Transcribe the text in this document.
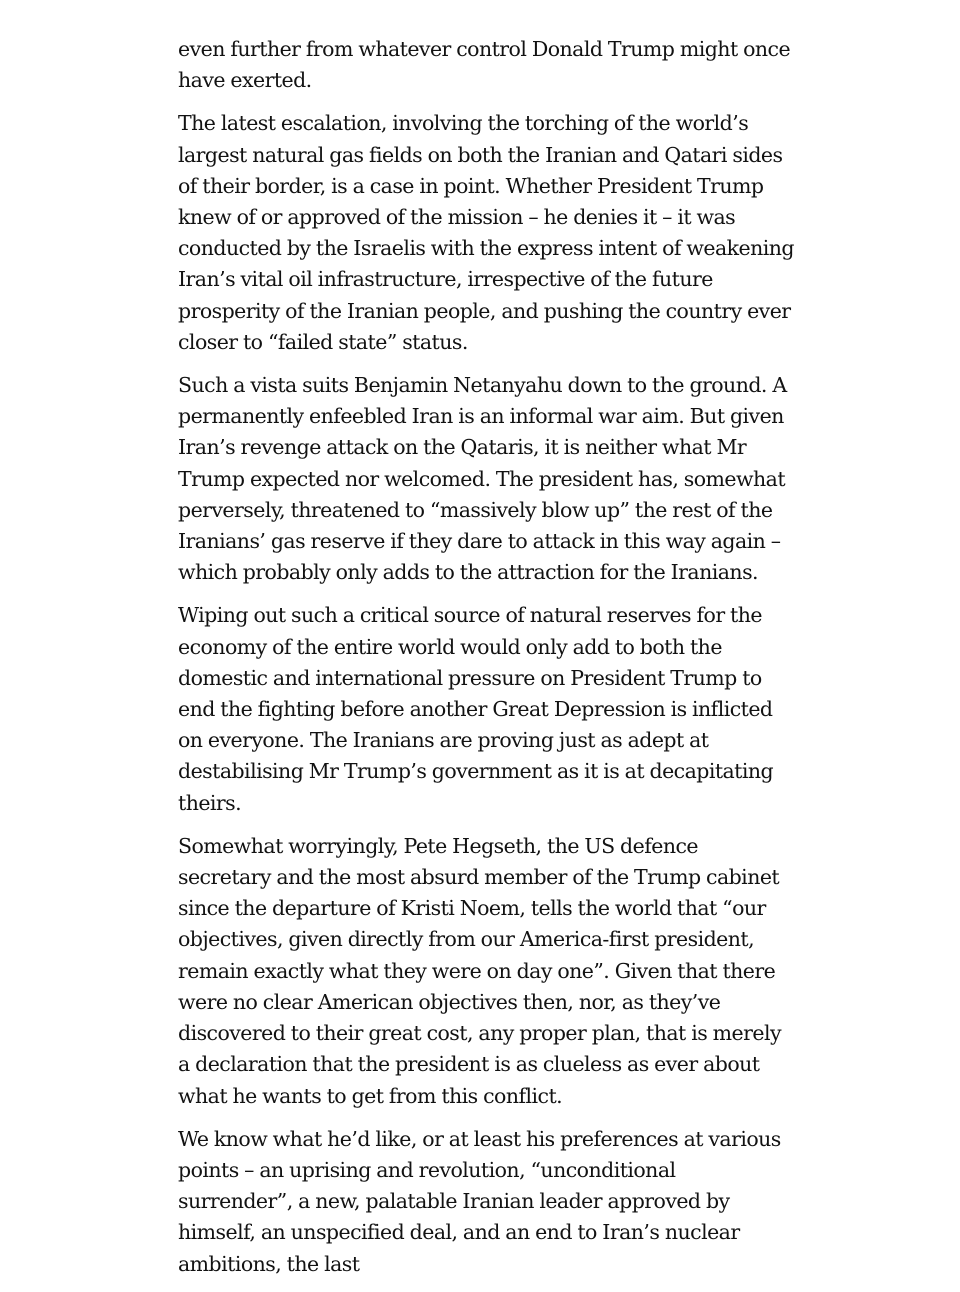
even further from whatever control Donald Trump might once have exerted.

The latest escalation, involving the torching of the world’s largest natural gas fields on both the Iranian and Qatari sides of their border, is a case in point. Whether President Trump knew of or approved of the mission – he denies it – it was conducted by the Israelis with the express intent of weakening Iran’s vital oil infrastructure, irrespective of the future prosperity of the Iranian people, and pushing the country ever closer to “failed state” status.

Such a vista suits Benjamin Netanyahu down to the ground. A permanently enfeebled Iran is an informal war aim. But given Iran’s revenge attack on the Qataris, it is neither what Mr Trump expected nor welcomed. The president has, somewhat perversely, threatened to “massively blow up” the rest of the Iranians’ gas reserve if they dare to attack in this way again – which probably only adds to the attraction for the Iranians.

Wiping out such a critical source of natural reserves for the economy of the entire world would only add to both the domestic and international pressure on President Trump to end the fighting before another Great Depression is inflicted on everyone. The Iranians are proving just as adept at destabilising Mr Trump’s government as it is at decapitating theirs.

Somewhat worryingly, Pete Hegseth, the US defence secretary and the most absurd member of the Trump cabinet since the departure of Kristi Noem, tells the world that “our objectives, given directly from our America-first president, remain exactly what they were on day one”. Given that there were no clear American objectives then, nor, as they’ve discovered to their great cost, any proper plan, that is merely a declaration that the president is as clueless as ever about what he wants to get from this conflict.

We know what he’d like, or at least his preferences at various points – an uprising and revolution, “unconditional surrender”, a new, palatable Iranian leader approved by himself, an unspecified deal, and an end to Iran’s nuclear ambitions, the last
